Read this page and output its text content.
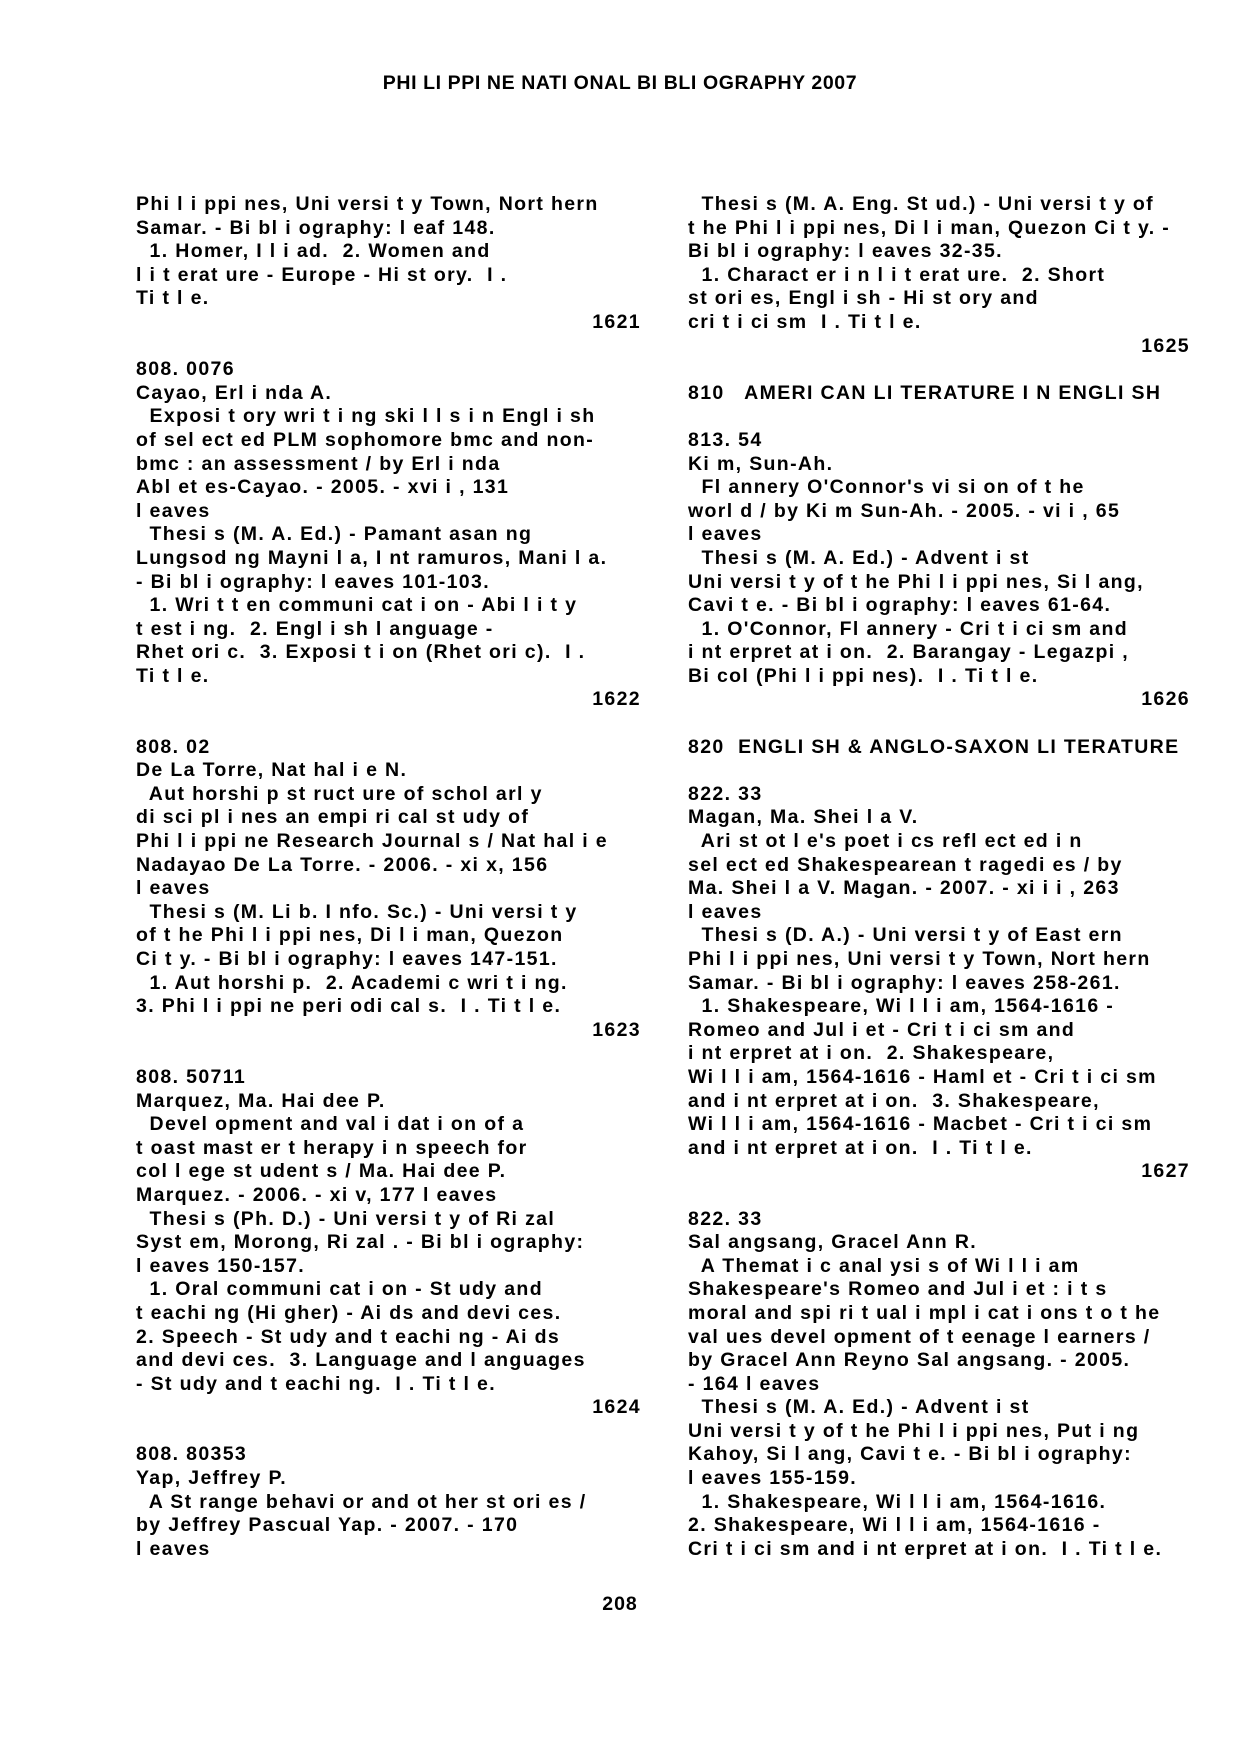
PHI LI PPI NE NATI ONAL BI BLI OGRAPHY 2007
Phi l i ppi nes, Uni versi t y Town, Nort hern
Samar. - Bi bl i ography: l eaf 148.
1. Homer, I l i ad.  2. Women and
l i t erat ure - Europe - Hi st ory.  I .
Ti t l e.
1621
808. 0076
Cayao, Erl i nda A.
Exposi t ory wri t i ng ski l l s i n Engl i sh
of sel ect ed PLM sophomore bmc and non-
bmc : an assessment / by Erl i nda
Abl et es-Cayao. - 2005. - xvi i , 131
l eaves
Thesi s (M. A. Ed.) - Pamant asan ng
Lungsod ng Mayni l a, I nt ramuros, Mani l a.
- Bi bl i ography: l eaves 101-103.
1. Wri t t en communi cat i on - Abi l i t y
t est i ng.  2. Engl i sh l anguage -
Rhet ori c.  3. Exposi t i on (Rhet ori c).  I .
Ti t l e.
1622
808. 02
De La Torre, Nat hal i e N.
Aut horshi p st ruct ure of schol arl y
di sci pl i nes an empi ri cal st udy of
Phi l i ppi ne Research Journal s / Nat hal i e
Nadayao De La Torre. - 2006. - xi x, 156
l eaves
Thesi s (M. Li b. I nfo. Sc.) - Uni versi t y
of t he Phi l i ppi nes, Di l i man, Quezon
Ci t y. - Bi bl i ography: l eaves 147-151.
1. Aut horshi p.  2. Academi c wri t i ng.
3. Phi l i ppi ne peri odi cal s.  I . Ti t l e.
1623
808. 50711
Marquez, Ma. Hai dee P.
Devel opment and val i dat i on of a
t oast mast er t herapy i n speech for
col l ege st udent s / Ma. Hai dee P.
Marquez. - 2006. - xi v, 177 l eaves
Thesi s (Ph. D.) - Uni versi t y of Ri zal
Syst em, Morong, Ri zal . - Bi bl i ography:
l eaves 150-157.
1. Oral communi cat i on - St udy and
t eachi ng (Hi gher) - Ai ds and devi ces.
2. Speech - St udy and t eachi ng - Ai ds
and devi ces.  3. Language and l anguages
- St udy and t eachi ng.  I . Ti t l e.
1624
808. 80353
Yap, Jeffrey P.
A St range behavi or and ot her st ori es /
by Jeffrey Pascual Yap. - 2007. - 170
l eaves
Thesi s (M. A. Eng. St ud.) - Uni versi t y of
t he Phi l i ppi nes, Di l i man, Quezon Ci t y. -
Bi bl i ography: l eaves 32-35.
1. Charact er i n l i t erat ure.  2. Short
st ori es, Engl i sh - Hi st ory and
cri t i ci sm  I . Ti t l e.
1625
810   AMERI CAN LI TERATURE I N ENGLI SH
813. 54
Ki m, Sun-Ah.
Fl annery O'Connor's vi si on of t he
worl d / by Ki m Sun-Ah. - 2005. - vi i , 65
l eaves
Thesi s (M. A. Ed.) - Advent i st
Uni versi t y of t he Phi l i ppi nes, Si l ang,
Cavi t e. - Bi bl i ography: l eaves 61-64.
1. O'Connor, Fl annery - Cri t i ci sm and
i nt erpret at i on.  2. Barangay - Legazpi ,
Bi col (Phi l i ppi nes).  I . Ti t l e.
1626
820  ENGLI SH & ANGLO-SAXON LI TERATURE
822. 33
Magan, Ma. Shei l a V.
Ari st ot l e's poet i cs refl ect ed i n
sel ect ed Shakespearean t ragedi es / by
Ma. Shei l a V. Magan. - 2007. - xi i i , 263
l eaves
Thesi s (D. A.) - Uni versi t y of East ern
Phi l i ppi nes, Uni versi t y Town, Nort hern
Samar. - Bi bl i ography: l eaves 258-261.
1. Shakespeare, Wi l l i am, 1564-1616 -
Romeo and Jul i et - Cri t i ci sm and
i nt erpret at i on.  2. Shakespeare,
Wi l l i am, 1564-1616 - Haml et - Cri t i ci sm
and i nt erpret at i on.  3. Shakespeare,
Wi l l i am, 1564-1616 - Macbet - Cri t i ci sm
and i nt erpret at i on.  I . Ti t l e.
1627
822. 33
Sal angsang, Gracel Ann R.
A Themat i c anal ysi s of Wi l l i am
Shakespeare's Romeo and Jul i et : i t s
moral and spi ri t ual i mpl i cat i ons t o t he
val ues devel opment of t eenage l earners /
by Gracel Ann Reyno Sal angsang. - 2005.
- 164 l eaves
Thesi s (M. A. Ed.) - Advent i st
Uni versi t y of t he Phi l i ppi nes, Put i ng
Kahoy, Si l ang, Cavi t e. - Bi bl i ography:
l eaves 155-159.
1. Shakespeare, Wi l l i am, 1564-1616.
2. Shakespeare, Wi l l i am, 1564-1616 -
Cri t i ci sm and i nt erpret at i on.  I . Ti t l e.
208
